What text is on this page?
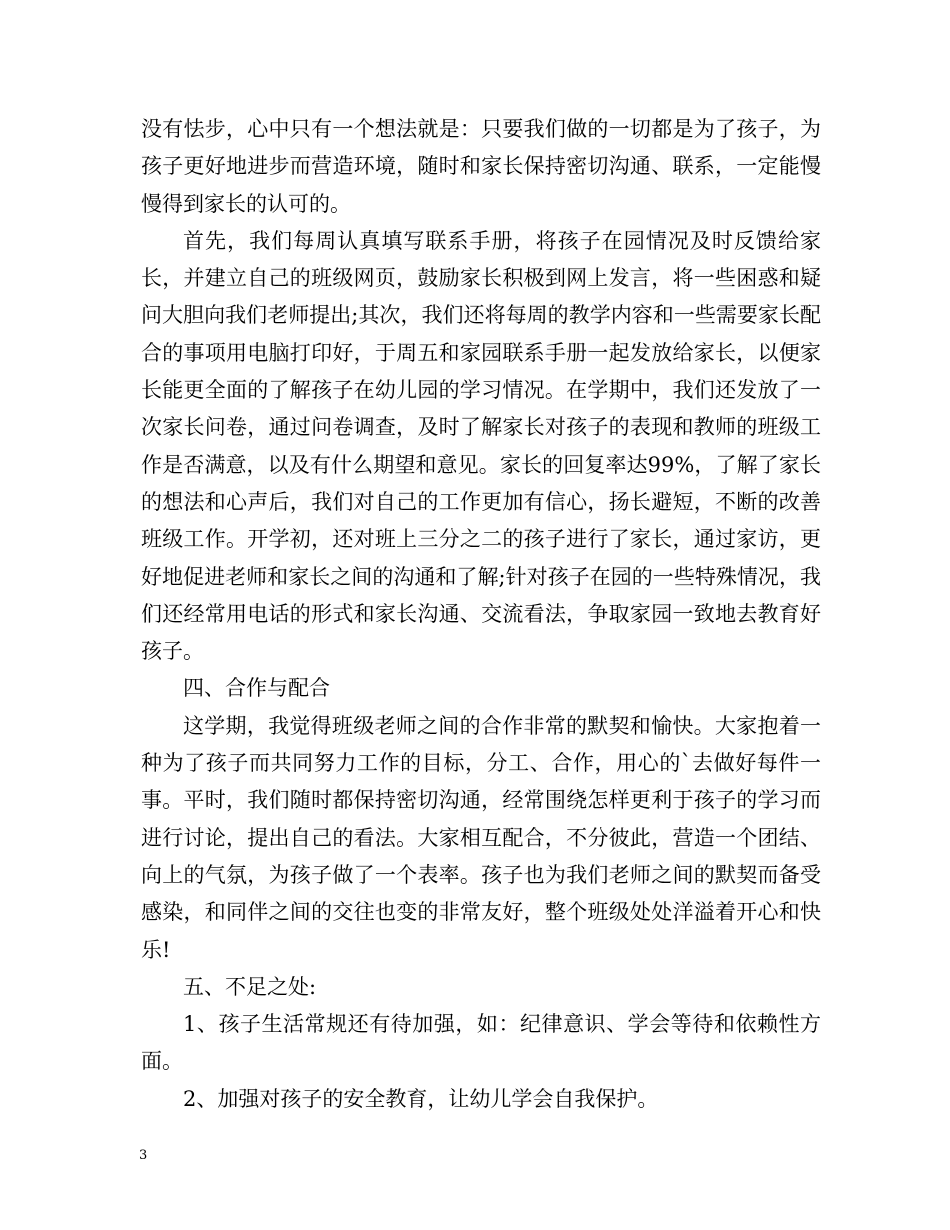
没有怯步，心中只有一个想法就是：只要我们做的一切都是为了孩子，为孩子更好地进步而营造环境，随时和家长保持密切沟通、联系，一定能慢慢得到家长的认可的。

首先，我们每周认真填写联系手册，将孩子在园情况及时反馈给家长，并建立自己的班级网页，鼓励家长积极到网上发言，将一些困惑和疑问大胆向我们老师提出;其次，我们还将每周的教学内容和一些需要家长配合的事项用电脑打印好，于周五和家园联系手册一起发放给家长，以便家长能更全面的了解孩子在幼儿园的学习情况。在学期中，我们还发放了一次家长问卷，通过问卷调查，及时了解家长对孩子的表现和教师的班级工作是否满意，以及有什么期望和意见。家长的回复率达99%，了解了家长的想法和心声后，我们对自己的工作更加有信心，扬长避短，不断的改善班级工作。开学初，还对班上三分之二的孩子进行了家长，通过家访，更好地促进老师和家长之间的沟通和了解;针对孩子在园的一些特殊情况，我们还经常用电话的形式和家长沟通、交流看法，争取家园一致地去教育好孩子。

四、合作与配合

这学期，我觉得班级老师之间的合作非常的默契和愉快。大家抱着一种为了孩子而共同努力工作的目标，分工、合作，用心的`去做好每件一事。平时，我们随时都保持密切沟通，经常围绕怎样更利于孩子的学习而进行讨论，提出自己的看法。大家相互配合，不分彼此，营造一个团结、向上的气氛，为孩子做了一个表率。孩子也为我们老师之间的默契而备受感染，和同伴之间的交往也变的非常友好，整个班级处处洋溢着开心和快乐!

五、不足之处:

1、孩子生活常规还有待加强，如：纪律意识、学会等待和依赖性方面。

2、加强对孩子的安全教育，让幼儿学会自我保护。

3
